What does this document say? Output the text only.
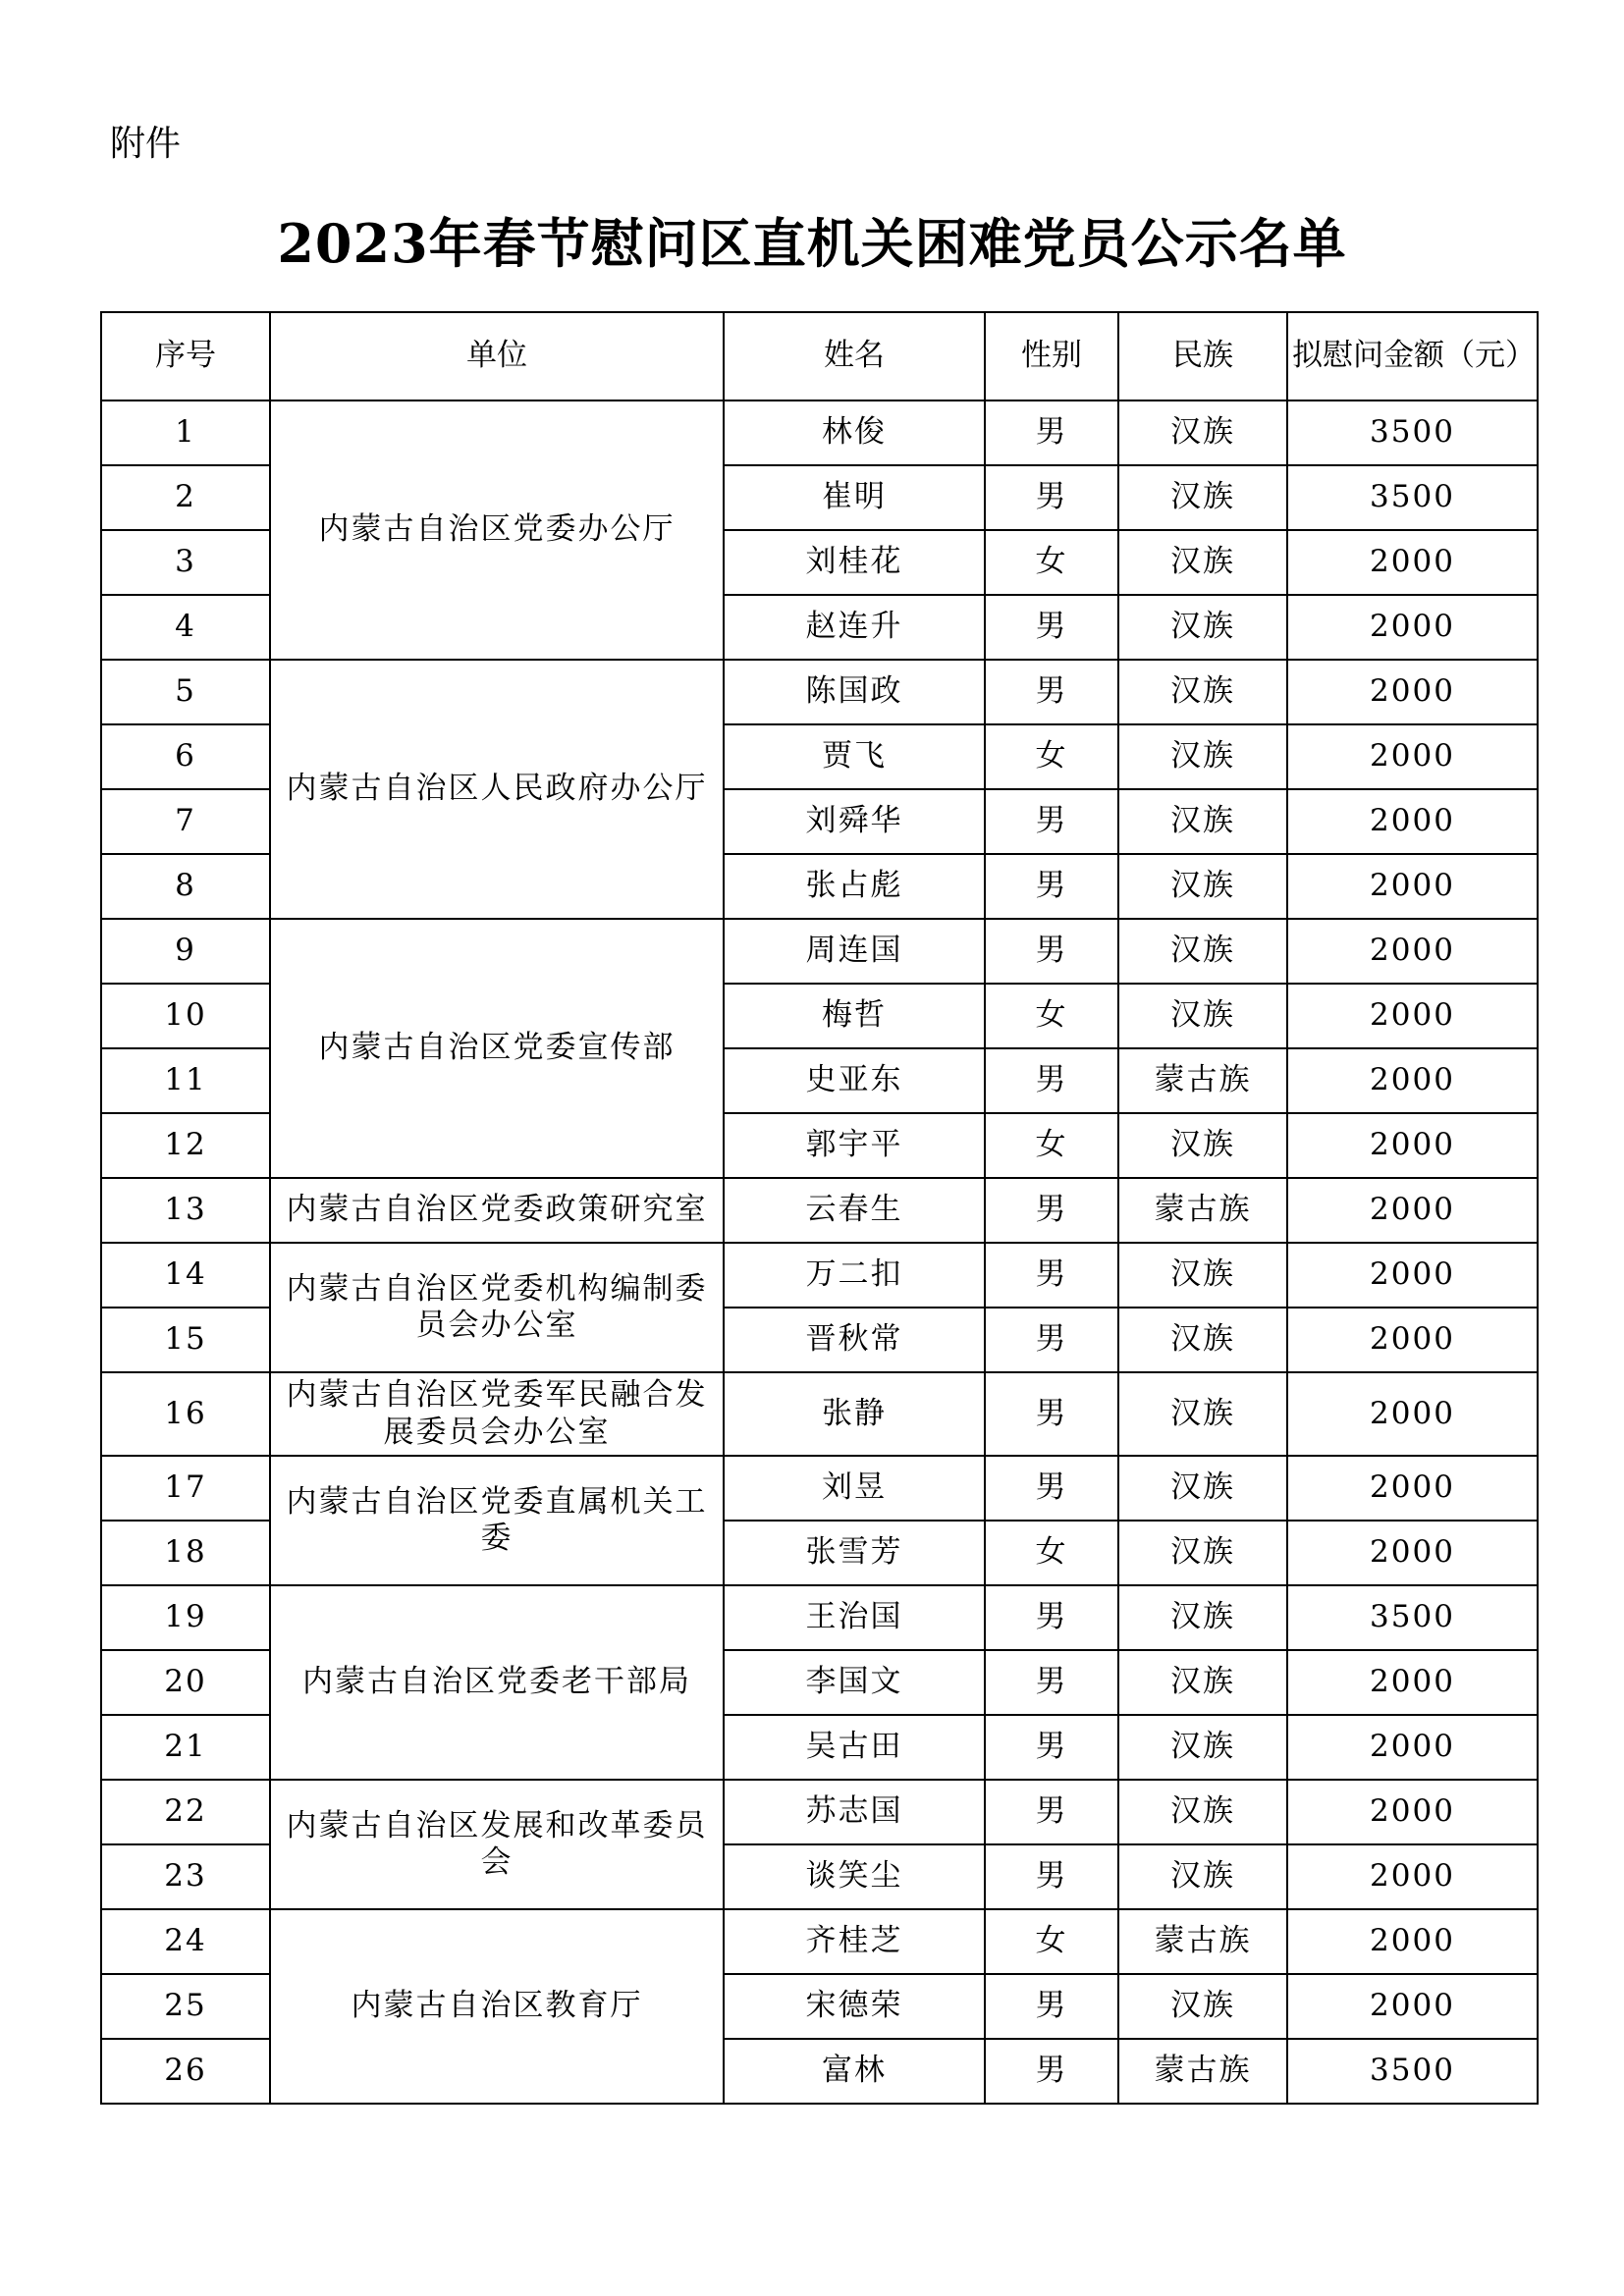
附件
2023年春节慰问区直机关困难党员公示名单
序号	单位	姓名	性别	民族	拟慰问金额（元）
1	内蒙古自治区党委办公厅	林俊	男	汉族	3500
2		崔明	男	汉族	3500
3		刘桂花	女	汉族	2000
4		赵连升	男	汉族	2000
5	内蒙古自治区人民政府办公厅	陈国政	男	汉族	2000
6		贾飞	女	汉族	2000
7		刘舜华	男	汉族	2000
8		张占彪	男	汉族	2000
9	内蒙古自治区党委宣传部	周连国	男	汉族	2000
10		梅哲	女	汉族	2000
11		史亚东	男	蒙古族	2000
12		郭宇平	女	汉族	2000
13	内蒙古自治区党委政策研究室	云春生	男	蒙古族	2000
14	内蒙古自治区党委机构编制委员会办公室	万二扣	男	汉族	2000
15		晋秋常	男	汉族	2000
16	内蒙古自治区党委军民融合发展委员会办公室	张静	男	汉族	2000
17	内蒙古自治区党委直属机关工委	刘昱	男	汉族	2000
18		张雪芳	女	汉族	2000
19	内蒙古自治区党委老干部局	王治国	男	汉族	3500
20		李国文	男	汉族	2000
21		吴古田	男	汉族	2000
22	内蒙古自治区发展和改革委员会	苏志国	男	汉族	2000
23		谈笑尘	男	汉族	2000
24	内蒙古自治区教育厅	齐桂芝	女	蒙古族	2000
25		宋德荣	男	汉族	2000
26		富林	男	蒙古族	3500
